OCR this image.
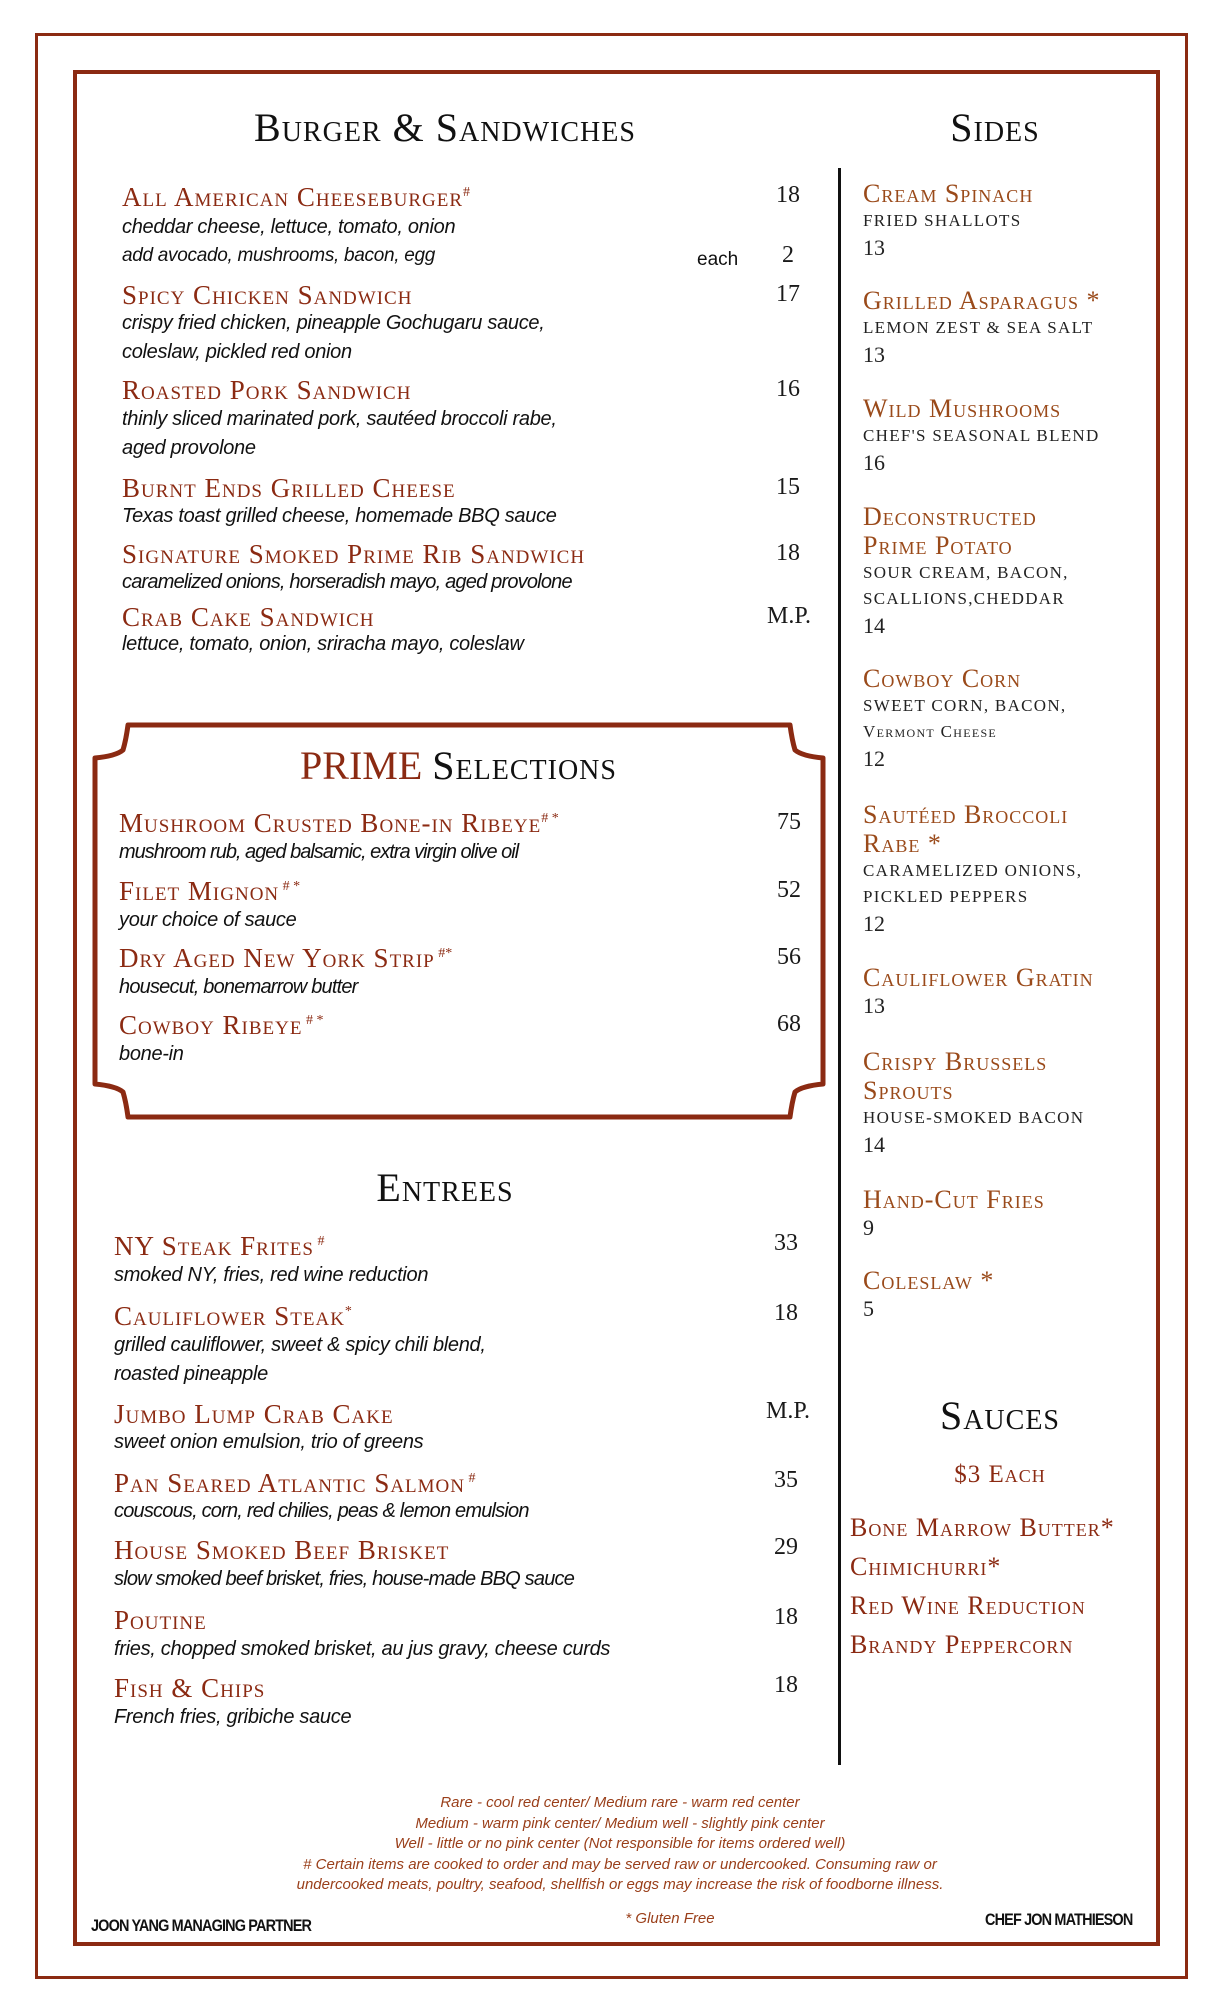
Burger & Sandwiches
All American Cheeseburger#	18
cheddar cheese, lettuce, tomato, onion
add avocado, mushrooms, bacon, egg	each 2
Spicy Chicken Sandwich	17
crispy fried chicken, pineapple Gochugaru sauce,
coleslaw, pickled red onion
Roasted Pork Sandwich	16
thinly sliced marinated pork, sautéed broccoli rabe,
aged provolone
Burnt Ends Grilled Cheese	15
Texas toast grilled cheese, homemade BBQ sauce
Signature Smoked Prime Rib Sandwich	18
caramelized onions, horseradish mayo, aged provolone
Crab Cake Sandwich	M.P.
lettuce, tomato, onion, sriracha mayo, coleslaw
PRIME Selections
Mushroom Crusted Bone-in Ribeye# *	75
mushroom rub, aged balsamic, extra virgin olive oil
Filet Mignon # *	52
your choice of sauce
Dry Aged New York Strip #*	56
housecut, bonemarrow butter
Cowboy Ribeye # *	68
bone-in
Entrees
NY Steak Frites #	33
smoked NY, fries, red wine reduction
Cauliflower Steak*	18
grilled cauliflower, sweet & spicy chili blend,
roasted pineapple
Jumbo Lump Crab Cake	M.P.
sweet onion emulsion, trio of greens
Pan Seared Atlantic Salmon #	35
couscous, corn, red chilies, peas & lemon emulsion
House Smoked Beef Brisket	29
slow smoked beef brisket, fries, house-made BBQ sauce
Poutine	18
fries, chopped smoked brisket, au jus gravy, cheese curds
Fish & Chips	18
French fries, gribiche sauce
Sides
Cream Spinach
FRIED SHALLOTS
13
Grilled Asparagus *
LEMON ZEST & SEA SALT
13
Wild Mushrooms
CHEF'S SEASONAL BLEND
16
Deconstructed
Prime Potato
SOUR CREAM, BACON,
SCALLIONS,CHEDDAR
14
Cowboy Corn
SWEET CORN, BACON,
Vermont Cheese
12
Sautéed Broccoli
Rabe *
CARAMELIZED ONIONS,
PICKLED PEPPERS
12
Cauliflower Gratin
13
Crispy Brussels
Sprouts
HOUSE-SMOKED BACON
14
Hand-Cut Fries
9
Coleslaw *
5
Sauces
$3 Each
Bone Marrow Butter*
Chimichurri*
Red Wine Reduction
Brandy Peppercorn
Rare - cool red center/ Medium rare - warm red center
Medium - warm pink center/ Medium well - slightly pink center
Well - little or no pink center (Not responsible for items ordered well)
# Certain items are cooked to order and may be served raw or undercooked. Consuming raw or
undercooked meats, poultry, seafood, shellfish or eggs may increase the risk of foodborne illness.
* Gluten Free
JOON YANG MANAGING PARTNER	CHEF JON MATHIESON
